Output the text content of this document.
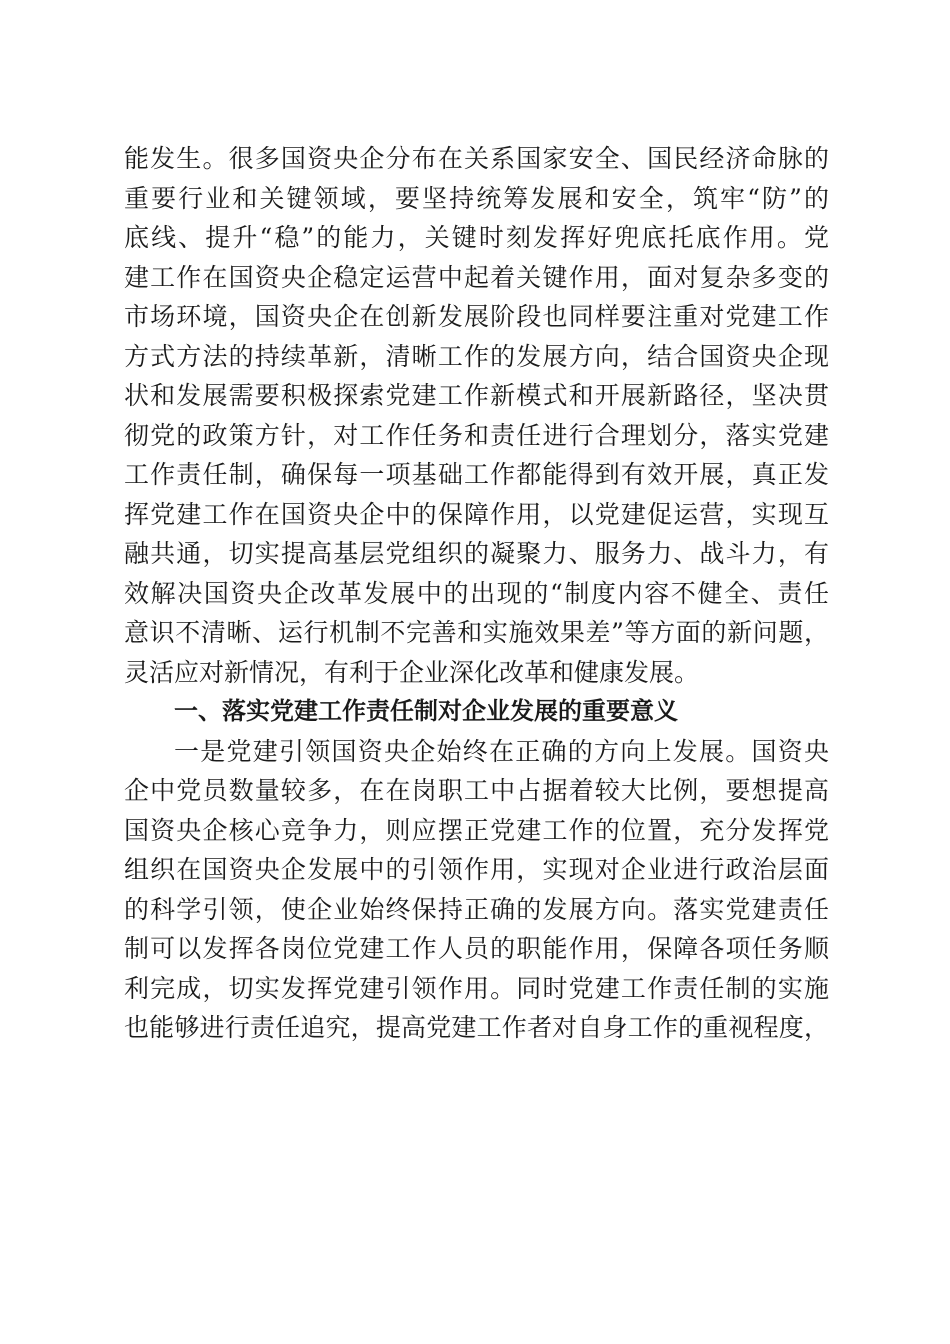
能发生。很多国资央企分布在关系国家安全、国民经济命脉的
重要行业和关键领域，要坚持统筹发展和安全，筑牢“防”的
底线、提升“稳”的能力，关键时刻发挥好兜底托底作用。党
建工作在国资央企稳定运营中起着关键作用，面对复杂多变的
市场环境，国资央企在创新发展阶段也同样要注重对党建工作
方式方法的持续革新，清晰工作的发展方向，结合国资央企现
状和发展需要积极探索党建工作新模式和开展新路径，坚决贯
彻党的政策方针，对工作任务和责任进行合理划分，落实党建
工作责任制，确保每一项基础工作都能得到有效开展，真正发
挥党建工作在国资央企中的保障作用，以党建促运营，实现互
融共通，切实提高基层党组织的凝聚力、服务力、战斗力，有
效解决国资央企改革发展中的出现的“制度内容不健全、责任
意识不清晰、运行机制不完善和实施效果差”等方面的新问题，
灵活应对新情况，有利于企业深化改革和健康发展。
一、落实党建工作责任制对企业发展的重要意义
一是党建引领国资央企始终在正确的方向上发展。国资央
企中党员数量较多，在在岗职工中占据着较大比例，要想提高
国资央企核心竞争力，则应摆正党建工作的位置，充分发挥党
组织在国资央企发展中的引领作用，实现对企业进行政治层面
的科学引领，使企业始终保持正确的发展方向。落实党建责任
制可以发挥各岗位党建工作人员的职能作用，保障各项任务顺
利完成，切实发挥党建引领作用。同时党建工作责任制的实施
也能够进行责任追究，提高党建工作者对自身工作的重视程度，
